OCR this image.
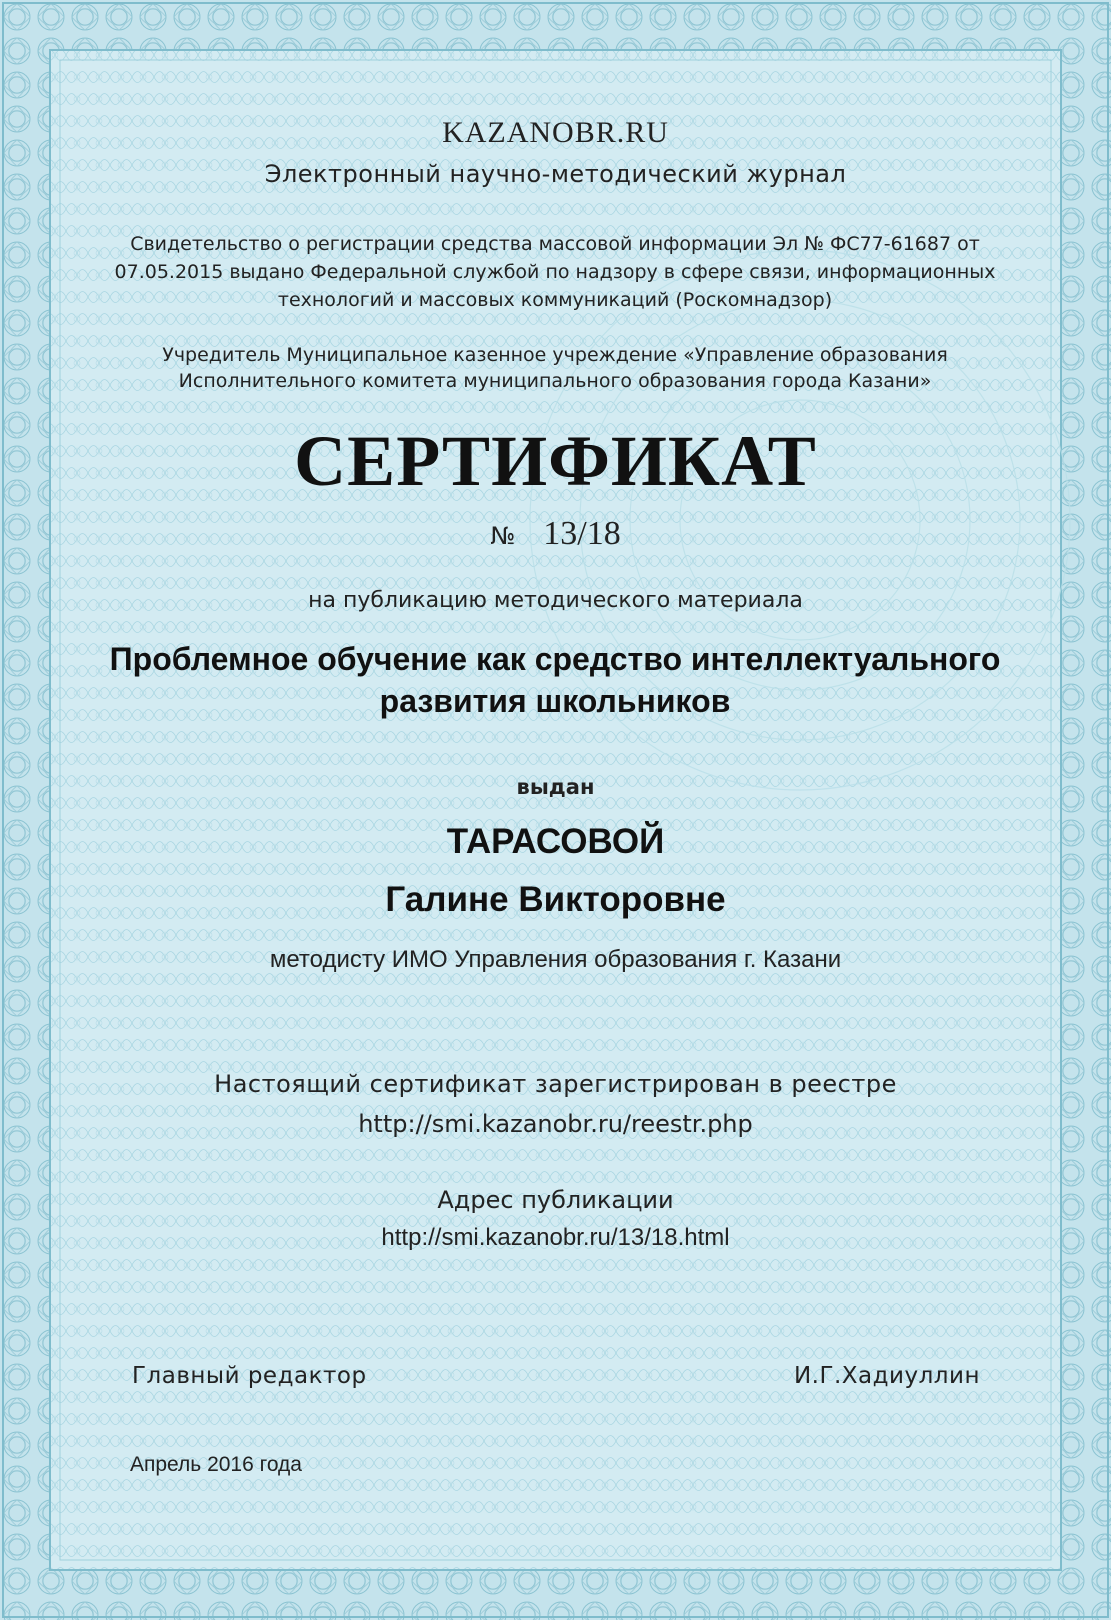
KAZANOBR.RU

Электронный научно-методический журнал

Свидетельство о регистрации средства массовой информации Эл № ФС77-61687 от 07.05.2015 выдано Федеральной службой по надзору в сфере связи, информационных технологий и массовых коммуникаций (Роскомнадзор)

Учредитель Муниципальное казенное учреждение «Управление образования Исполнительного комитета муниципального образования города Казани»

СЕРТИФИКАТ

№ 13/18

на публикацию методического материала

Проблемное обучение как средство интеллектуального развития школьников

выдан

ТАРАСОВОЙ

Галине Викторовне

методисту ИМО Управления образования г. Казани

Настоящий сертификат зарегистрирован в реестре

http://smi.kazanobr.ru/reestr.php

Адрес публикации

http://smi.kazanobr.ru/13/18.html

Главный редактор	И.Г.Хадиуллин

Апрель 2016 года
